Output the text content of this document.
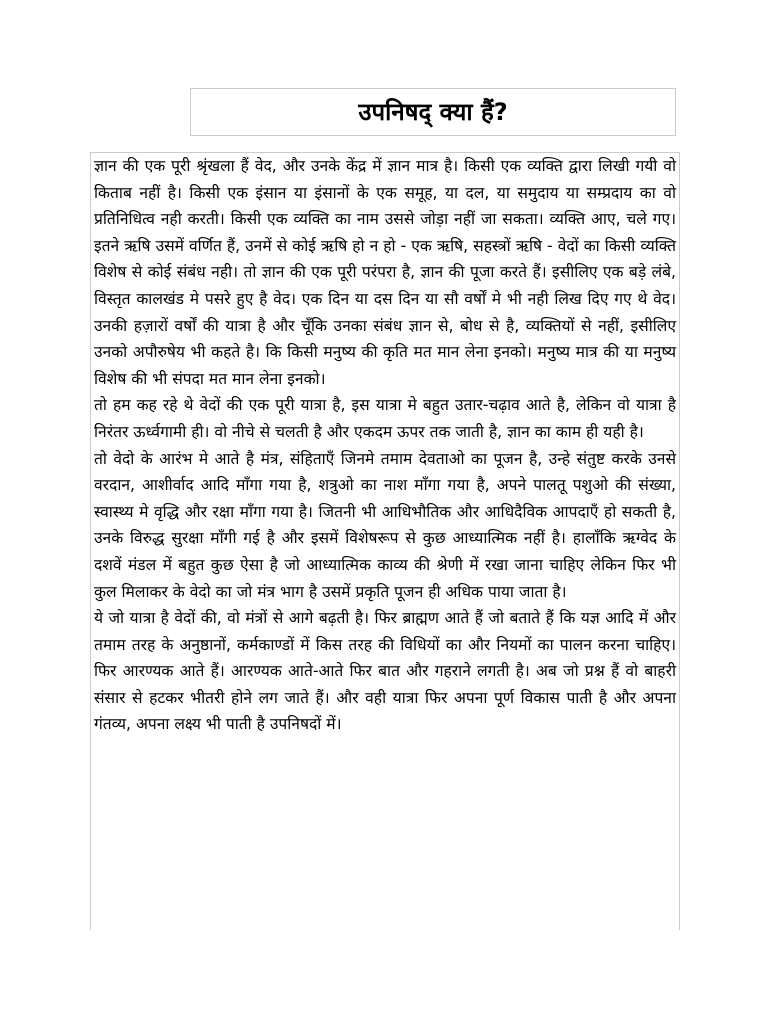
उपनिषद् क्या हैं?

ज्ञान की एक पूरी श्रृंखला हैं वेद, और उनके केंद्र में ज्ञान मात्र है। किसी एक व्यक्ति द्वारा लिखी गयी वो किताब नहीं है। किसी एक इंसान या इंसानों के एक समूह, या दल, या समुदाय या सम्प्रदाय का वो प्रतिनिधित्व नही करती। किसी एक व्यक्ति का नाम उससे जोड़ा नहीं जा सकता। व्यक्ति आए, चले गए। इतने ऋषि उसमें वर्णित हैं, उनमें से कोई ऋषि हो न हो - एक ऋषि, सहस्त्रों ऋषि - वेदों का किसी व्यक्ति विशेष से कोई संबंध नही। तो ज्ञान की एक पूरी परंपरा है, ज्ञान की पूजा करते हैं। इसीलिए एक बड़े लंबे, विस्तृत कालखंड मे पसरे हुए है वेद। एक दिन या दस दिन या सौ वर्षों मे भी नही लिख दिए गए थे वेद। उनकी हज़ारों वर्षों की यात्रा है और चूँकि उनका संबंध ज्ञान से, बोध से है, व्यक्तियों से नहीं, इसीलिए उनको अपौरुषेय भी कहते है। कि किसी मनुष्य की कृति मत मान लेना इनको। मनुष्य मात्र की या मनुष्य विशेष की भी संपदा मत मान लेना इनको।

तो हम कह रहे थे वेदों की एक पूरी यात्रा है, इस यात्रा मे बहुत उतार-चढ़ाव आते है, लेकिन वो यात्रा है निरंतर ऊर्ध्वगामी ही। वो नीचे से चलती है और एकदम ऊपर तक जाती है, ज्ञान का काम ही यही है।

तो वेदो के आरंभ मे आते है मंत्र, संहिताएँ जिनमे तमाम देवताओ का पूजन है, उन्हे संतुष्ट करके उनसे वरदान, आशीर्वाद आदि माँगा गया है, शत्रुओ का नाश माँगा गया है, अपने पालतू पशुओ की संख्या, स्वास्थ्य मे वृद्धि और रक्षा माँगा गया है। जितनी भी आधिभौतिक और आधिदैविक आपदाएँ हो सकती है, उनके विरुद्ध सुरक्षा माँगी गई है और इसमें विशेषरूप से कुछ आध्यात्मिक नहीं है। हालाँकि ऋग्वेद के दशवें मंडल में बहुत कुछ ऐसा है जो आध्यात्मिक काव्य की श्रेणी में रखा जाना चाहिए लेकिन फिर भी कुल मिलाकर के वेदो का जो मंत्र भाग है उसमें प्रकृति पूजन ही अधिक पाया जाता है।

ये जो यात्रा है वेदों की, वो मंत्रों से आगे बढ़ती है। फिर ब्राह्मण आते हैं जो बताते हैं कि यज्ञ आदि में और तमाम तरह के अनुष्ठानों, कर्मकाण्डों में किस तरह की विधियों का और नियमों का पालन करना चाहिए। फिर आरण्यक आते हैं। आरण्यक आते-आते फिर बात और गहराने लगती है। अब जो प्रश्न हैं वो बाहरी संसार से हटकर भीतरी होने लग जाते हैं। और वही यात्रा फिर अपना पूर्ण विकास पाती है और अपना गंतव्य, अपना लक्ष्य भी पाती है उपनिषदों में।
